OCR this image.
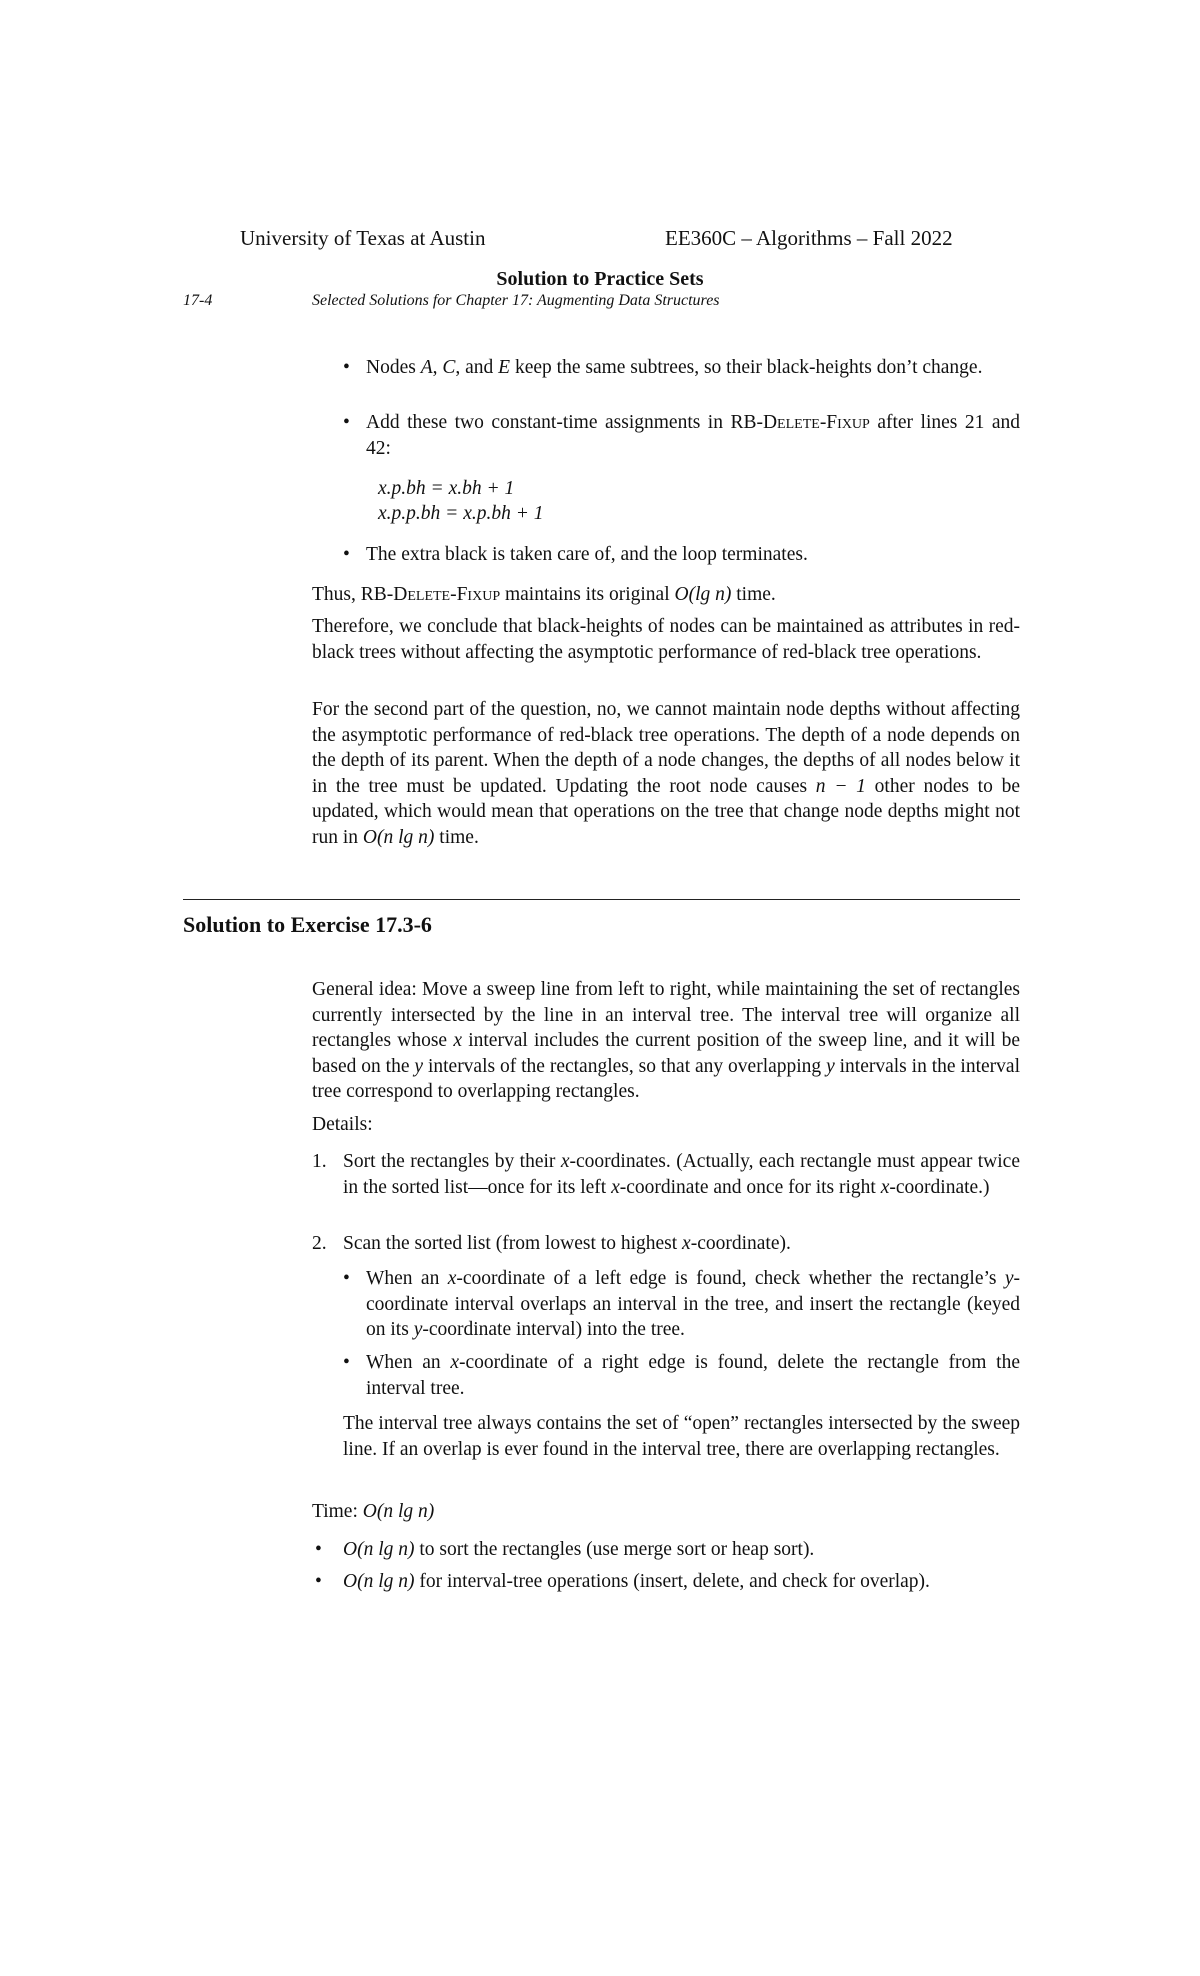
University of Texas at Austin	EE360C – Algorithms – Fall 2022
Solution to Practice Sets
17-4	Selected Solutions for Chapter 17: Augmenting Data Structures
• Nodes A, C, and E keep the same subtrees, so their black-heights don’t change.
• Add these two constant-time assignments in RB-Delete-Fixup after lines 21 and 42:
x.p.bh = x.bh + 1
x.p.p.bh = x.p.bh + 1
• The extra black is taken care of, and the loop terminates.
Thus, RB-Delete-Fixup maintains its original O(lg n) time.
Therefore, we conclude that black-heights of nodes can be maintained as attributes in red-black trees without affecting the asymptotic performance of red-black tree operations.
For the second part of the question, no, we cannot maintain node depths without affecting the asymptotic performance of red-black tree operations. The depth of a node depends on the depth of its parent. When the depth of a node changes, the depths of all nodes below it in the tree must be updated. Updating the root node causes n − 1 other nodes to be updated, which would mean that operations on the tree that change node depths might not run in O(n lg n) time.
Solution to Exercise 17.3-6
General idea: Move a sweep line from left to right, while maintaining the set of rectangles currently intersected by the line in an interval tree. The interval tree will organize all rectangles whose x interval includes the current position of the sweep line, and it will be based on the y intervals of the rectangles, so that any overlapping y intervals in the interval tree correspond to overlapping rectangles.
Details:
1. Sort the rectangles by their x-coordinates. (Actually, each rectangle must appear twice in the sorted list—once for its left x-coordinate and once for its right x-coordinate.)
2. Scan the sorted list (from lowest to highest x-coordinate).
• When an x-coordinate of a left edge is found, check whether the rectangle’s y-coordinate interval overlaps an interval in the tree, and insert the rectangle (keyed on its y-coordinate interval) into the tree.
• When an x-coordinate of a right edge is found, delete the rectangle from the interval tree.
The interval tree always contains the set of “open” rectangles intersected by the sweep line. If an overlap is ever found in the interval tree, there are overlapping rectangles.
Time: O(n lg n)
• O(n lg n) to sort the rectangles (use merge sort or heap sort).
• O(n lg n) for interval-tree operations (insert, delete, and check for overlap).
